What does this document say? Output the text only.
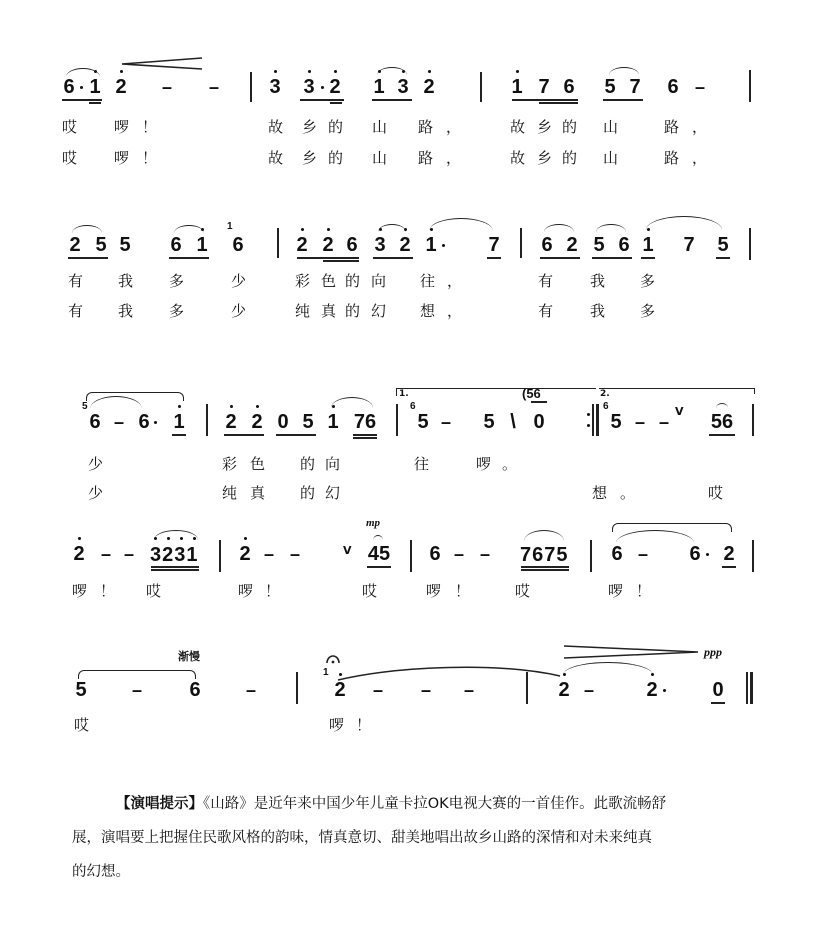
6 1 2 – –	3 3 2 1 3 2	1 7 6 5 7 6 –
哎 啰 ！	故 乡 的 山 路 ，	故 乡 的 山	路 ，
哎 啰 ！	故 乡 的 山 路 ，	故 乡 的 山	路 ，
2 5 5 6 1
1
6	2 2 6 3 2 1	7 6 2 5 6 1 7 5
有 我 多	少	彩 色 的 向 往 ，	有 我 多
有 我 多	少	纯 真 的 幻 想 ，	有 我 多
5
6 – 6 1 2 2 0 5 1 76
1.
6
5 – 5 \ 0
(56	2.
6
5 – –
V 56
少	彩 色 的 向	往	啰 。
少	纯 真 的 幻	想 。	哎
2 – – 3231 2 – –	V
mp
45 6 – – 7675 6 – 6 2
啰 ！ 哎	啰 ！	哎	啰 ！	哎	啰 ！
渐慢
5	– 6	–
1
2 – – –
ppp
2 –	2	0
哎	啰 ！
【演唱提示】《山路》是近年来中国少年儿童卡拉OK电视大赛的一首佳作。此歌流畅舒
展，演唱要上把握住民歌风格的韵味，情真意切、甜美地唱出故乡山路的深情和对未来纯真
的幻想。
